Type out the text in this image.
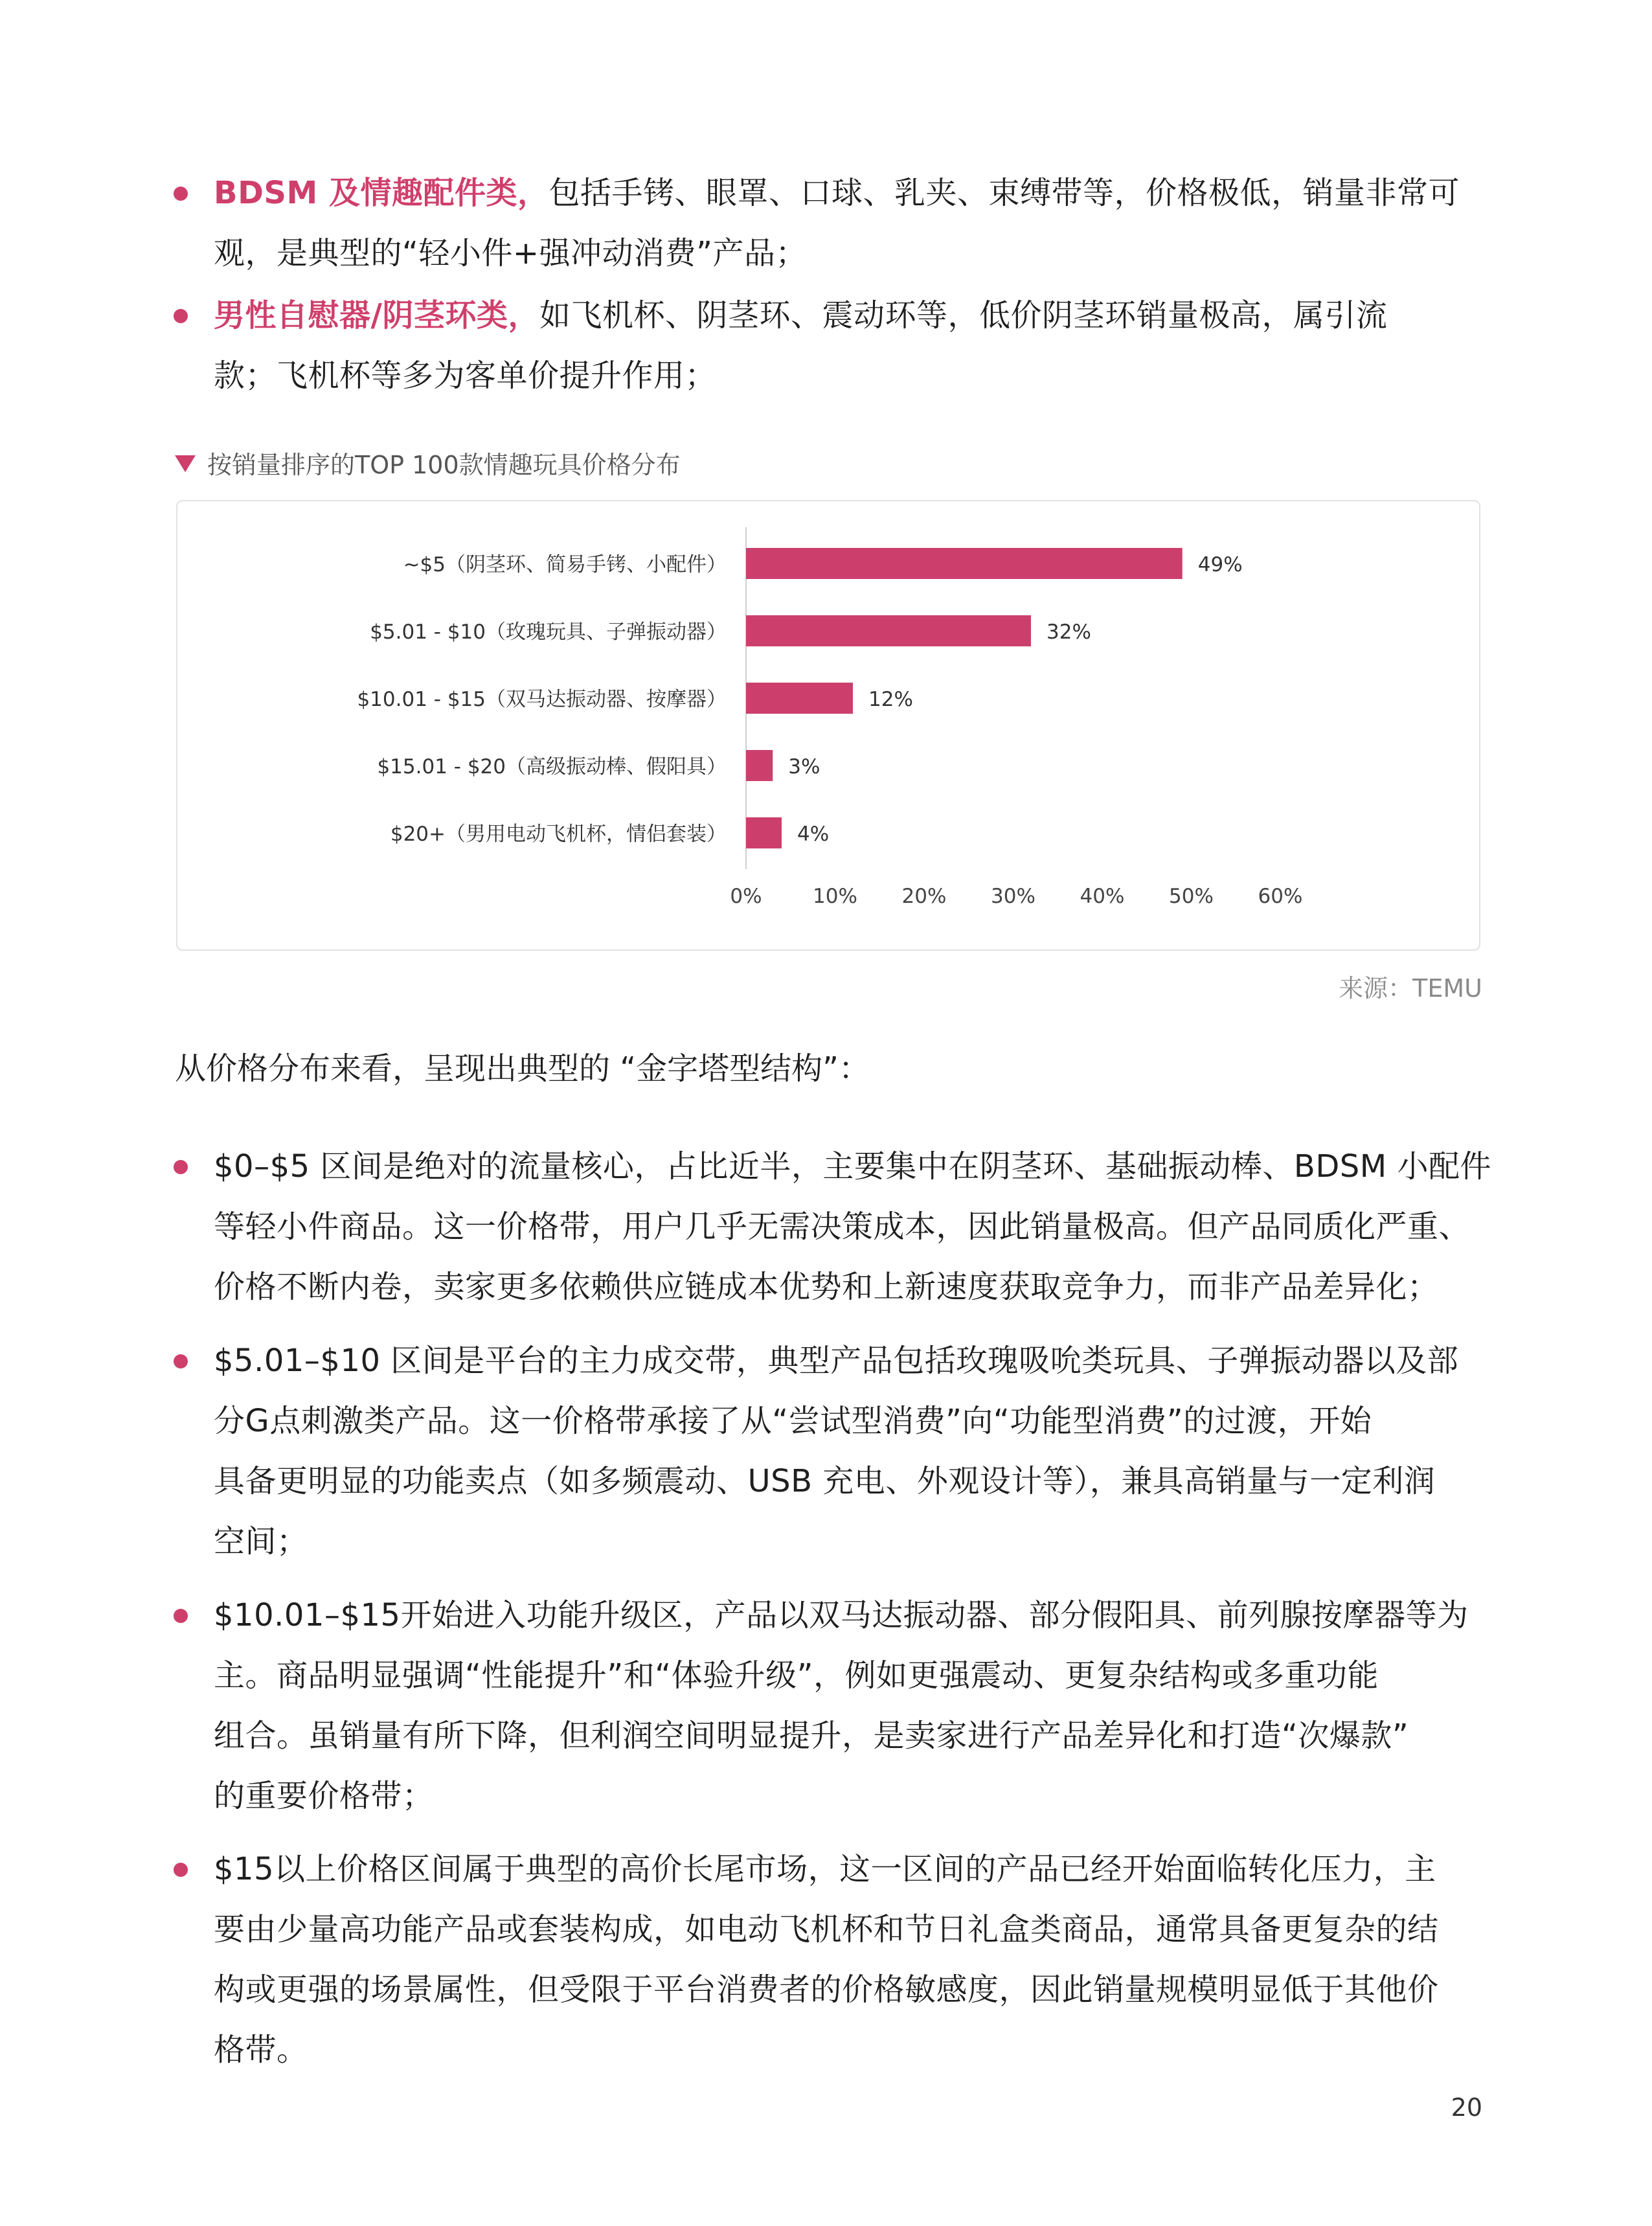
BDSM 及情趣配件类，包括手铐、眼罩、口球、乳夹、束缚带等，价格极低，销量非常可
观，是典型的“轻小件+强冲动消费”产品；
男性自慰器/阴茎环类，如飞机杯、阴茎环、震动环等，低价阴茎环销量极高，属引流
款；飞机杯等多为客单价提升作用；
按销量排序的TOP 100款情趣玩具价格分布
~$5（阴茎环、简易手铐、小配件）	49%
$5.01 - $10（玫瑰玩具、子弹振动器）	32%
$10.01 - $15（双马达振动器、按摩器）	12%
$15.01 - $20（高级振动棒、假阳具）	3%
$20+（男用电动飞机杯，情侣套装）	4%
0%	10% 20% 30% 40% 50% 60%
来源：TEMU
从价格分布来看，呈现出典型的 “金字塔型结构”：
$0–$5 区间是绝对的流量核心，占比近半，主要集中在阴茎环、基础振动棒、BDSM 小配件
等轻小件商品。这一价格带，用户几乎无需决策成本，因此销量极高。但产品同质化严重、
价格不断内卷，卖家更多依赖供应链成本优势和上新速度获取竞争力，而非产品差异化；
$5.01–$10 区间是平台的主力成交带，典型产品包括玫瑰吸吮类玩具、子弹振动器以及部
分G点刺激类产品。这一价格带承接了从“尝试型消费”向“功能型消费”的过渡，开始
具备更明显的功能卖点（如多频震动、USB 充电、外观设计等），兼具高销量与一定利润
空间；
$10.01–$15开始进入功能升级区，产品以双马达振动器、部分假阳具、前列腺按摩器等为
主。商品明显强调“性能提升”和“体验升级”，例如更强震动、更复杂结构或多重功能
组合。虽销量有所下降，但利润空间明显提升，是卖家进行产品差异化和打造“次爆款”
的重要价格带；
$15以上价格区间属于典型的高价长尾市场，这一区间的产品已经开始面临转化压力，主
要由少量高功能产品或套装构成，如电动飞机杯和节日礼盒类商品，通常具备更复杂的结
构或更强的场景属性，但受限于平台消费者的价格敏感度，因此销量规模明显低于其他价
格带。
20
